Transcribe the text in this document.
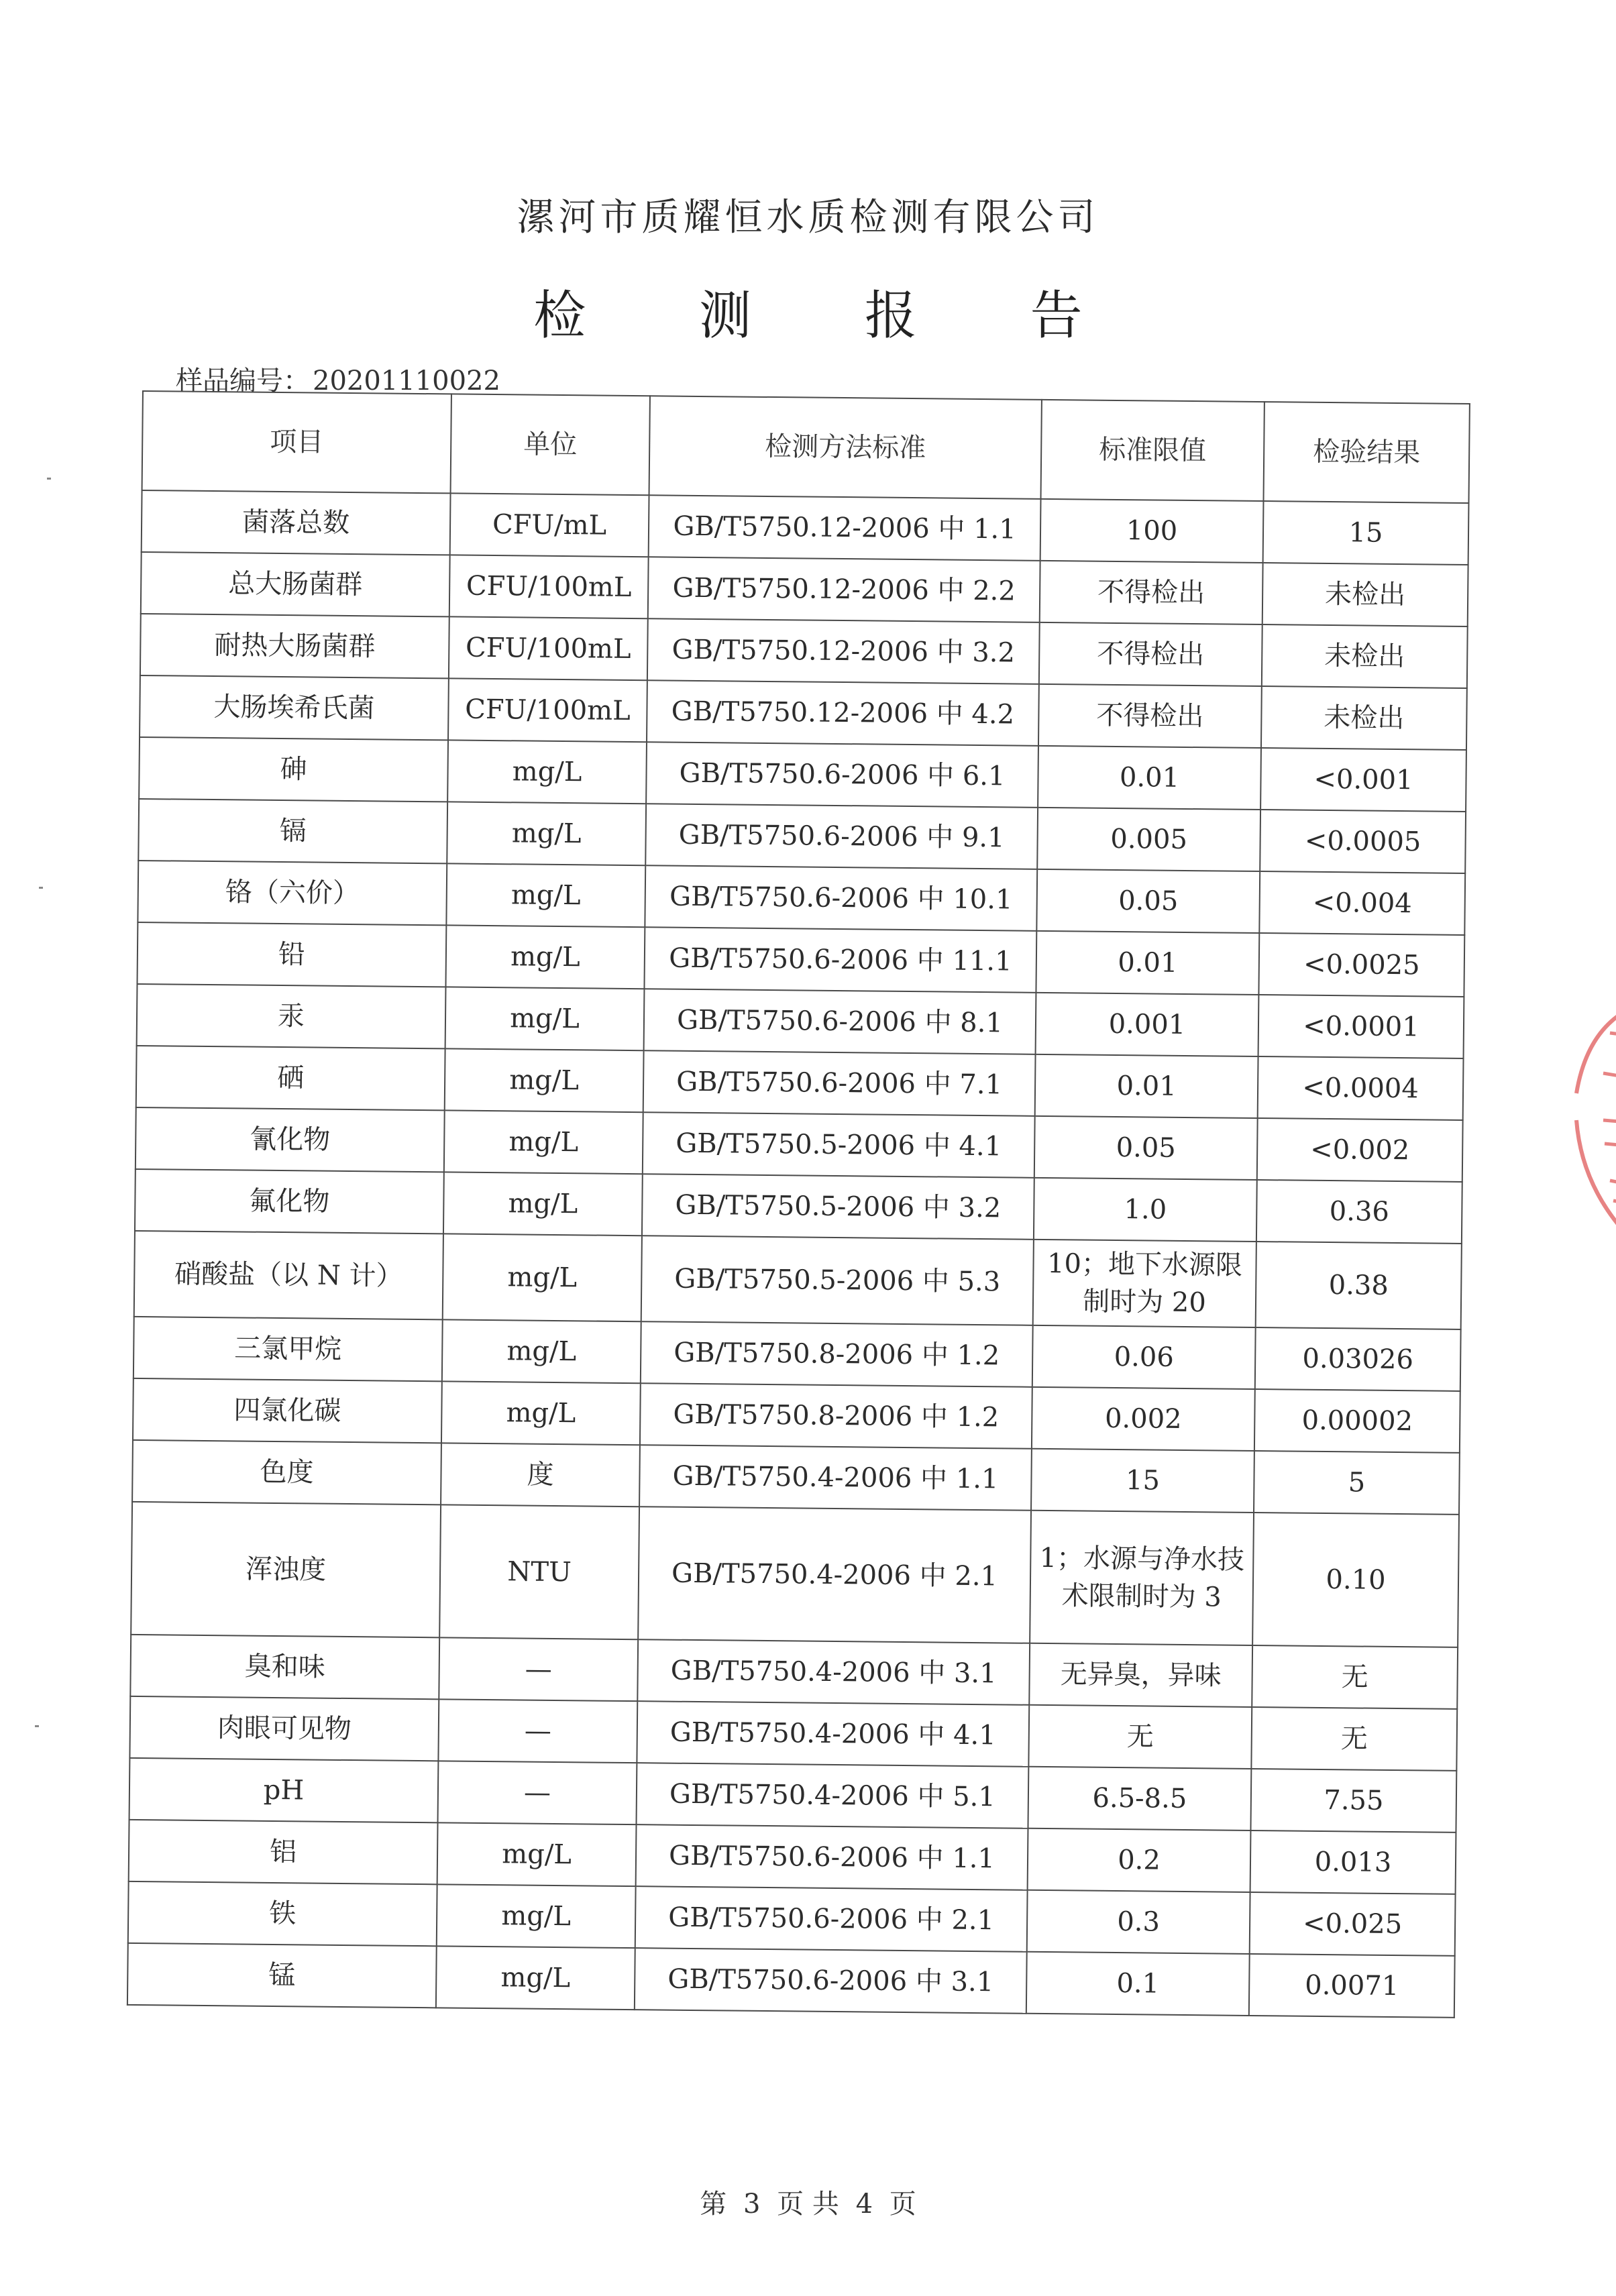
漯河市质耀恒水质检测有限公司
检 测 报 告
样品编号： 20201110022
项目	单位	检测方法标准	标准限值	检验结果
菌落总数	CFU/mL	GB/T5750.12-2006 中 1.1	100	15
总大肠菌群	CFU/100mL	GB/T5750.12-2006 中 2.2	不得检出	未检出
耐热大肠菌群	CFU/100mL	GB/T5750.12-2006 中 3.2	不得检出	未检出
大肠埃希氏菌	CFU/100mL	GB/T5750.12-2006 中 4.2	不得检出	未检出
砷	mg/L	GB/T5750.6-2006 中 6.1	0.01	<0.001
镉	mg/L	GB/T5750.6-2006 中 9.1	0.005	<0.0005
铬（六价）	mg/L	GB/T5750.6-2006 中 10.1	0.05	<0.004
铅	mg/L	GB/T5750.6-2006 中 11.1	0.01	<0.0025
汞	mg/L	GB/T5750.6-2006 中 8.1	0.001	<0.0001
硒	mg/L	GB/T5750.6-2006 中 7.1	0.01	<0.0004
氰化物	mg/L	GB/T5750.5-2006 中 4.1	0.05	<0.002
氟化物	mg/L	GB/T5750.5-2006 中 3.2	1.0	0.36
硝酸盐（以 N 计）	mg/L	GB/T5750.5-2006 中 5.3	10；地下水源限制时为 20	0.38
三氯甲烷	mg/L	GB/T5750.8-2006 中 1.2	0.06	0.03026
四氯化碳	mg/L	GB/T5750.8-2006 中 1.2	0.002	0.00002
色度	度	GB/T5750.4-2006 中 1.1	15	5
浑浊度	NTU	GB/T5750.4-2006 中 2.1	1；水源与净水技术限制时为 3	0.10
臭和味	—	GB/T5750.4-2006 中 3.1	无异臭，异味	无
肉眼可见物	—	GB/T5750.4-2006 中 4.1	无	无
pH	—	GB/T5750.4-2006 中 5.1	6.5-8.5	7.55
铝	mg/L	GB/T5750.6-2006 中 1.1	0.2	0.013
铁	mg/L	GB/T5750.6-2006 中 2.1	0.3	<0.025
锰	mg/L	GB/T5750.6-2006 中 3.1	0.1	0.0071
第 3 页 共 4 页
